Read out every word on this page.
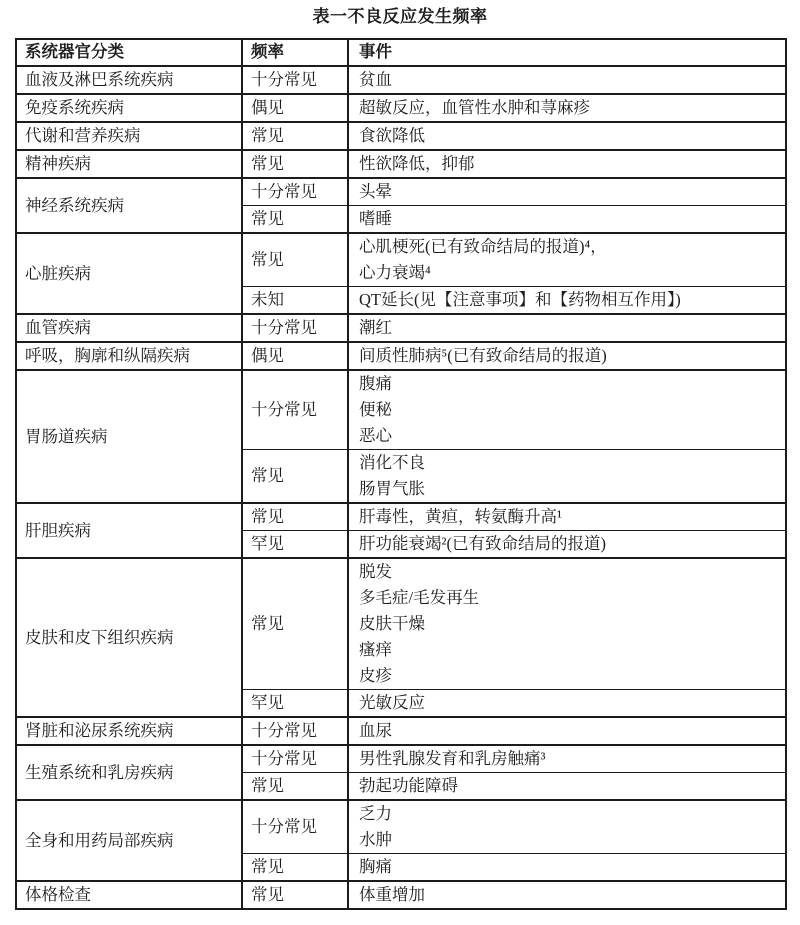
表一不良反应发生频率
系统器官分类	频率	事件
血液及淋巴系统疾病	十分常见	贫血

免疫系统疾病	偶见	超敏反应，血管性水肿和荨麻疹

代谢和营养疾病	常见	食欲降低

精神疾病	常见	性欲降低，抑郁

神经系统疾病	十分常见	头晕

	常见	嗜睡

心脏疾病	常见	心肌梗死(已有致命结局的报道)⁴，
心力衰竭⁴

	未知	QT延长(见【注意事项】和【药物相互作用】)

血管疾病	十分常见	潮红

呼吸，胸廓和纵隔疾病	偶见	间质性肺病⁵(已有致命结局的报道)

胃肠道疾病	十分常见	腹痛
便秘
恶心

	常见	消化不良
肠胃气胀

肝胆疾病	常见	肝毒性，黄疸，转氨酶升高¹

	罕见	肝功能衰竭²(已有致命结局的报道)

皮肤和皮下组织疾病	常见	脱发
多毛症/毛发再生
皮肤干燥
瘙痒
皮疹

	罕见	光敏反应

肾脏和泌尿系统疾病	十分常见	血尿

生殖系统和乳房疾病	十分常见	男性乳腺发育和乳房触痛³

	常见	勃起功能障碍

全身和用药局部疾病	十分常见	乏力
水肿

	常见	胸痛

体格检查	常见	体重增加
